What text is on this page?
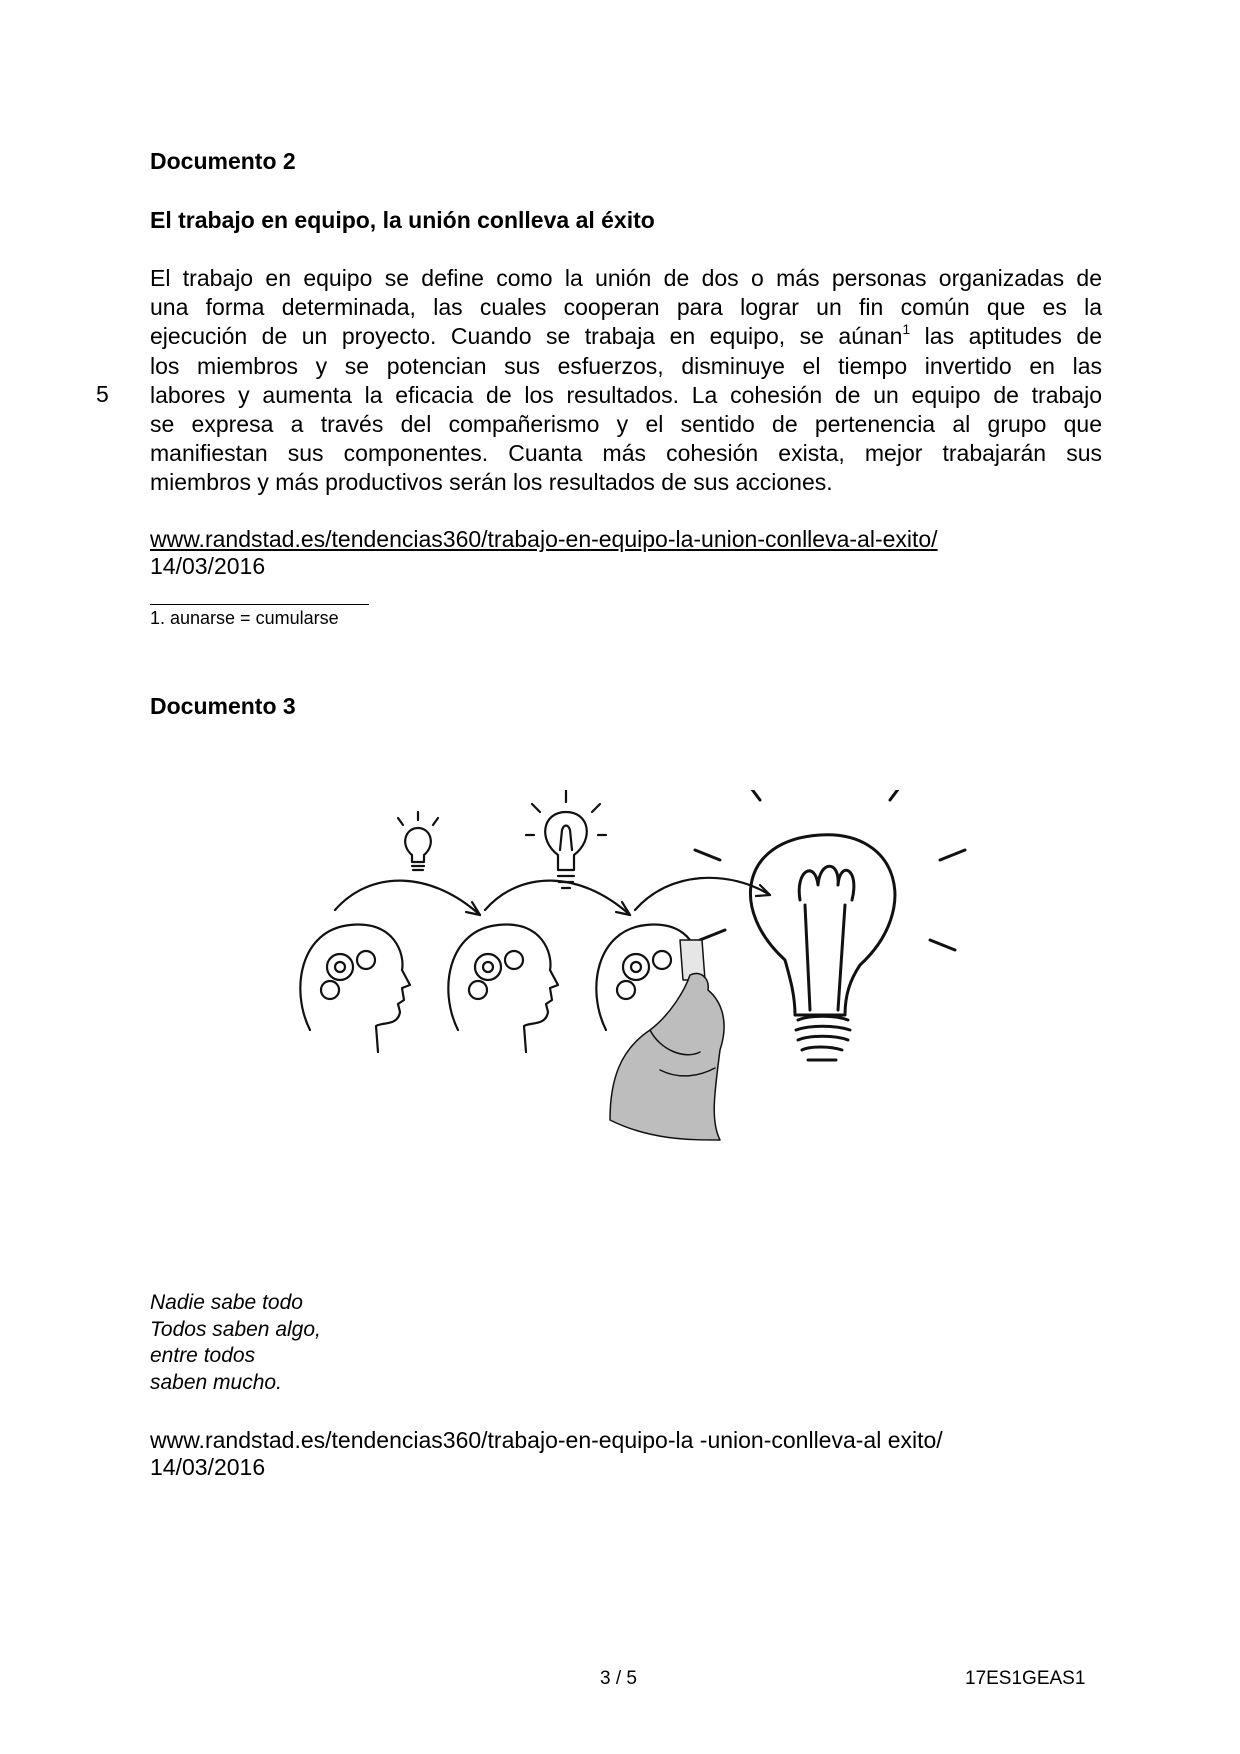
Documento 2
El trabajo en equipo, la unión conlleva al éxito
El trabajo en equipo se define como la unión de dos o más personas organizadas de
una forma determinada, las cuales cooperan para lograr un fin común que es la
ejecución de un proyecto. Cuando se trabaja en equipo, se aúnan$^1$ las aptitudes de
los miembros y se potencian sus esfuerzos, disminuye el tiempo invertido en las
labores y aumenta la eficacia de los resultados. La cohesión de un equipo de trabajo
se expresa a través del compañerismo y el sentido de pertenencia al grupo que
manifiestan sus componentes. Cuanta más cohesión exista, mejor trabajarán sus
miembros y más productivos serán los resultados de sus acciones.
5
www.randstad.es/tendencias360/trabajo-en-equipo-la-union-conlleva-al-exito/
14/03/2016
1. aunarse = cumularse
Documento 3
Nadie sabe todo
Todos saben algo,
entre todos
saben mucho.
www.randstad.es/tendencias360/trabajo-en-equipo-la -union-conlleva-al exito/
14/03/2016
3 / 5	17ES1GEAS1
